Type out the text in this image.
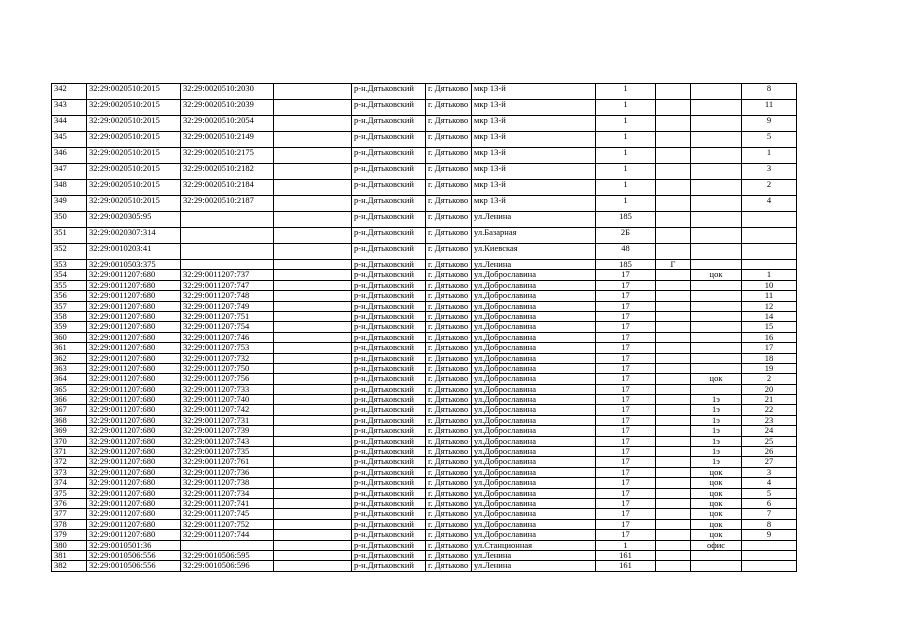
342	32:29:0020510:2015	32:29:0020510:2030		р-н.Дятьковский	г. Дятьково	мкр 13-й	1			8
343	32:29:0020510:2015	32:29:0020510:2039		р-н.Дятьковский	г. Дятьково	мкр 13-й	1			11
344	32:29:0020510:2015	32:29:0020510:2054		р-н.Дятьковский	г. Дятьково	мкр 13-й	1			9
345	32:29:0020510:2015	32:29:0020510:2149		р-н.Дятьковский	г. Дятьково	мкр 13-й	1			5
346	32:29:0020510:2015	32:29:0020510:2175		р-н.Дятьковский	г. Дятьково	мкр 13-й	1			1
347	32:29:0020510:2015	32:29:0020510:2182		р-н.Дятьковский	г. Дятьково	мкр 13-й	1			3
348	32:29:0020510:2015	32:29:0020510:2184		р-н.Дятьковский	г. Дятьково	мкр 13-й	1			2
349	32:29:0020510:2015	32:29:0020510:2187		р-н.Дятьковский	г. Дятьково	мкр 13-й	1			4
350	32:29:0020305:95			р-н.Дятьковский	г. Дятьково	ул.Ленина	185			
351	32:29:0020307:314			р-н.Дятьковский	г. Дятьково	ул.Базарная	2Б			
352	32:29:0010203:41			р-н.Дятьковский	г. Дятьково	ул.Киевская	48			
353	32:29:0010503:375			р-н.Дятьковский	г. Дятьково	ул.Ленина	185	Г		
354	32:29:0011207:680	32:29:0011207:737		р-н.Дятьковский	г. Дятьково	ул.Доброславина	17		цок	1
355	32:29:0011207:680	32:29:0011207:747		р-н.Дятьковский	г. Дятьково	ул.Доброславина	17			10
356	32:29:0011207:680	32:29:0011207:748		р-н.Дятьковский	г. Дятьково	ул.Доброславина	17			11
357	32:29:0011207:680	32:29:0011207:749		р-н.Дятьковский	г. Дятьково	ул.Доброславина	17			12
358	32:29:0011207:680	32:29:0011207:751		р-н.Дятьковский	г. Дятьково	ул.Доброславина	17			14
359	32:29:0011207:680	32:29:0011207:754		р-н.Дятьковский	г. Дятьково	ул.Доброславина	17			15
360	32:29:0011207:680	32:29:0011207:746		р-н.Дятьковский	г. Дятьково	ул.Доброславина	17			16
361	32:29:0011207:680	32:29:0011207:753		р-н.Дятьковский	г. Дятьково	ул.Доброславина	17			17
362	32:29:0011207:680	32:29:0011207:732		р-н.Дятьковский	г. Дятьково	ул.Доброславина	17			18
363	32:29:0011207:680	32:29:0011207:750		р-н.Дятьковский	г. Дятьково	ул.Доброславина	17			19
364	32:29:0011207:680	32:29:0011207:756		р-н.Дятьковский	г. Дятьково	ул.Доброславина	17		цок	2
365	32:29:0011207:680	32:29:0011207:733		р-н.Дятьковский	г. Дятьково	ул.Доброславина	17			20
366	32:29:0011207:680	32:29:0011207:740		р-н.Дятьковский	г. Дятьково	ул.Доброславина	17		1э	21
367	32:29:0011207:680	32:29:0011207:742		р-н.Дятьковский	г. Дятьково	ул.Доброславина	17		1э	22
368	32:29:0011207:680	32:29:0011207:731		р-н.Дятьковский	г. Дятьково	ул.Доброславина	17		1э	23
369	32:29:0011207:680	32:29:0011207:739		р-н.Дятьковский	г. Дятьково	ул.Доброславина	17		1э	24
370	32:29:0011207:680	32:29:0011207:743		р-н.Дятьковский	г. Дятьково	ул.Доброславина	17		1э	25
371	32:29:0011207:680	32:29:0011207:735		р-н.Дятьковский	г. Дятьково	ул.Доброславина	17		1э	26
372	32:29:0011207:680	32:29:0011207:761		р-н.Дятьковский	г. Дятьково	ул.Доброславина	17		1э	27
373	32:29:0011207:680	32:29:0011207:736		р-н.Дятьковский	г. Дятьково	ул.Доброславина	17		цок	3
374	32:29:0011207:680	32:29:0011207:738		р-н.Дятьковский	г. Дятьково	ул.Доброславина	17		цок	4
375	32:29:0011207:680	32:29:0011207:734		р-н.Дятьковский	г. Дятьково	ул.Доброславина	17		цок	5
376	32:29:0011207:680	32:29:0011207:741		р-н.Дятьковский	г. Дятьково	ул.Доброславина	17		цок	6
377	32:29:0011207:680	32:29:0011207:745		р-н.Дятьковский	г. Дятьково	ул.Доброславина	17		цок	7
378	32:29:0011207:680	32:29:0011207:752		р-н.Дятьковский	г. Дятьково	ул.Доброславина	17		цок	8
379	32:29:0011207:680	32:29:0011207:744		р-н.Дятьковский	г. Дятьково	ул.Доброславина	17		цок	9
380	32:29:0010501:36			р-н.Дятьковский	г. Дятьково	ул.Станционная	1		офис	
381	32:29:0010506:556	32:29:0010506:595		р-н.Дятьковский	г. Дятьково	ул.Ленина	161			
382	32:29:0010506:556	32:29:0010506:596		р-н.Дятьковский	г. Дятьково	ул.Ленина	161			
